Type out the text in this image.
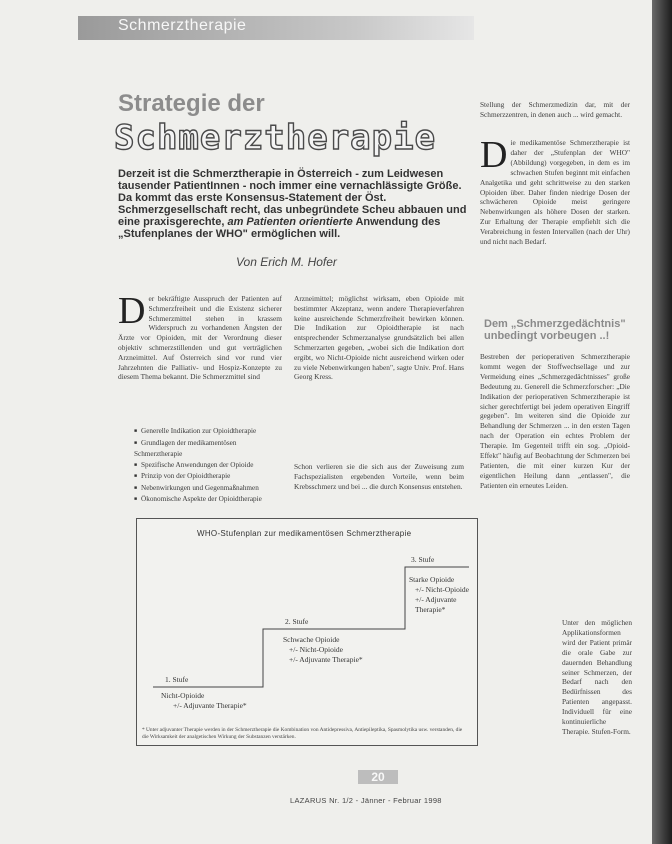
Schmerztherapie
Strategie der
Schmerztherapie
Derzeit ist die Schmerztherapie in Österreich - zum Leidwesen tausender PatientInnen - noch immer eine vernachlässigte Größe. Da kommt das erste Konsensus-Statement der Öst. Schmerzgesellschaft recht, das unbegründete Scheu abbauen und eine praxisgerechte, am Patienten orientierte Anwendung des „Stufenplanes der WHO" ermöglichen will.
Von Erich M. Hofer
D er bekräftigte Ausspruch der Patienten auf Schmerzfreiheit und die Existenz sicherer Schmerzmittel stehen in krassem Widerspruch zu vorhandenen Ängsten der Ärzte vor Opioiden, mit der Verordnung dieser objektiv schmerzstillenden und gut verträglichen Arzneimittel. Auf Österreich sind vor rund vier Jahrzehnten die Palliativ- und Hospiz-Konzepte zu diesem Thema bekannt. Die Schmerzmittel sind
■ Generelle Indikation zur Opioidtherapie
■ Grundlagen der medikamentösen Schmerztherapie
■ Spezifische Anwendungen der Opioide
■ Prinzip von der Opioidtherapie
■ Nebenwirkungen und Gegenmaßnahmen
■ Ökonomische Aspekte der Opioidtherapie
Arzneimittel; möglichst wirksam, eben Opioide mit bestimmter Akzeptanz, wenn andere Therapieverfahren keine ausreichende Schmerzfreiheit bewirken können. Die Indikation zur Opioidtherapie ist nach entsprechender Schmerzanalyse grundsätzlich bei allen Schmerzarten gegeben, „wobei sich die Indikation dort ergibt, wo Nicht-Opioide nicht ausreichend wirken oder zu viele Nebenwirkungen haben", sagte Univ. Prof. Hans Georg Kress.
Schon verlieren sie die sich aus der Zuweisung zum Fachspezialisten ergebenden Vorteile, wenn beim Krebsschmerz und bei ... die durch Konsensus entstehen.
Stellung der Schmerzmedizin dar, mit der Schmerzzentren, in denen auch ... wird gemacht.
D ie medikamentöse Schmerztherapie ist daher der „Stufenplan der WHO" (Abbildung) vorgegeben, in dem es im schwachen Stufen beginnt mit einfachen Analgetika und geht schrittweise zu den starken Opioiden über. Daher finden niedrige Dosen der schwächeren Opioide meist geringere Nebenwirkungen als höhere Dosen der starken. Zur Erhaltung der Therapie empfiehlt sich die Verabreichung in festen Intervallen (nach der Uhr) und nicht nach Bedarf.
Dem „Schmerzgedächtnis"
unbedingt vorbeugen ..!
Bestreben der perioperativen Schmerztherapie kommt wegen der Stoffwechsellage und zur Vermeidung eines „Schmerzgedächtnisses" große Bedeutung zu. Generell die Schmerzforscher: „Die Indikation der perioperativen Schmerztherapie ist sicher gerechtfertigt bei jedem operativen Eingriff gegeben". Im weiteren sind die Opioide zur Behandlung der Schmerzen ... in den ersten Tagen nach der Operation ein echtes Problem der Therapie. Im Gegenteil trifft ein sog. „Opioid-Effekt" häufig auf Beobachtung der Schmerzen bei Patienten, die mit einer kurzen Kur der eigentlichen Heilung dann „entlassen", die Patienten ein erneutes Leiden.
Unter den möglichen Applikationsformen wird der Patient primär die orale Gabe zur dauernden Behandlung seiner Schmerzen, der Bedarf nach den Bedürfnissen des Patienten angepasst. Individuell für eine kontinuierliche Therapie. Stufen-Form.
WHO-Stufenplan zur medikamentösen Schmerztherapie
1. Stufe
Nicht-Opioide
+/- Adjuvante Therapie*
2. Stufe
Schwache Opioide
+/- Nicht-Opioide
+/- Adjuvante Therapie*
3. Stufe
Starke Opioide
+/- Nicht-Opioide
+/- Adjuvante Therapie*
* Unter adjuvanter Therapie werden in der Schmerztherapie die Kombination von Antidepressiva, Antiepileptika, Spasmolytika usw. verstanden, die die Wirksamkeit der analgetischen Wirkung der Substanzen verstärken.
20
LAZARUS Nr. 1/2 - Jänner - Februar 1998
